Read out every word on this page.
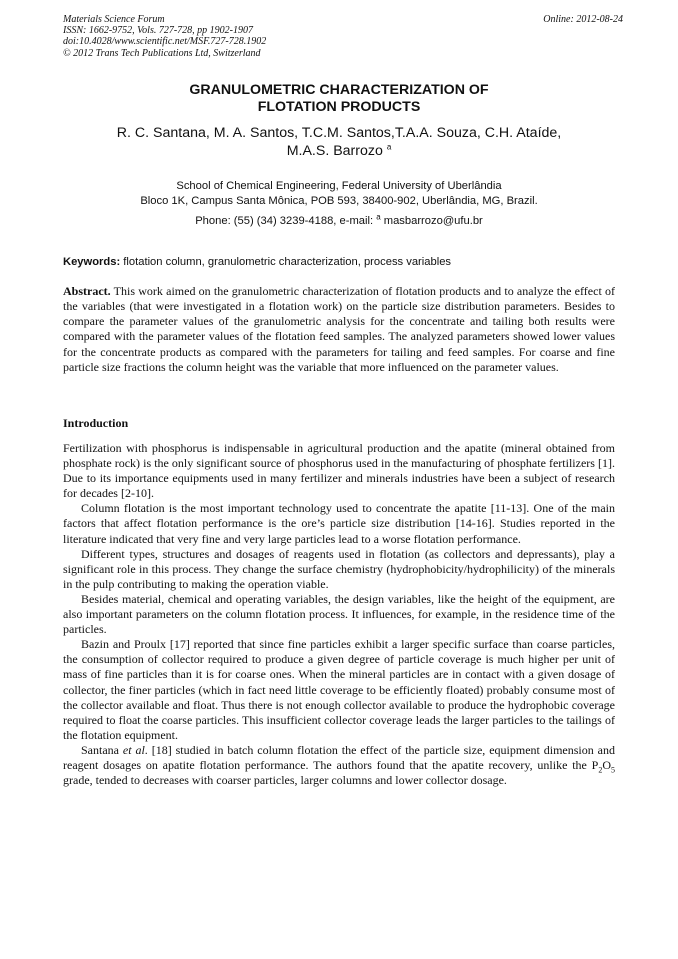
Materials Science Forum
ISSN: 1662-9752, Vols. 727-728, pp 1902-1907
doi:10.4028/www.scientific.net/MSF.727-728.1902
© 2012 Trans Tech Publications Ltd, Switzerland
Online: 2012-08-24
GRANULOMETRIC CHARACTERIZATION OF
FLOTATION PRODUCTS
R. C. Santana, M. A. Santos, T.C.M. Santos,T.A.A. Souza, C.H. Ataíde,
M.A.S. Barrozo $^a$
School of Chemical Engineering, Federal University of Uberlândia
Bloco 1K, Campus Santa Mônica, POB 593, 38400-902, Uberlândia, MG, Brazil.
Phone: (55) (34) 3239-4188, e-mail: $^a$ masbarrozo@ufu.br
Keywords: flotation column, granulometric characterization, process variables
Abstract. This work aimed on the granulometric characterization of flotation products and to analyze the effect of the variables (that were investigated in a flotation work) on the particle size distribution parameters. Besides to compare the parameter values of the granulometric analysis for the concentrate and tailing both results were compared with the parameter values of the flotation feed samples. The analyzed parameters showed lower values for the concentrate products as compared with the parameters for tailing and feed samples. For coarse and fine particle size fractions the column height was the variable that more influenced on the parameter values.
Introduction

Fertilization with phosphorus is indispensable in agricultural production and the apatite (mineral obtained from phosphate rock) is the only significant source of phosphorus used in the manufacturing of phosphate fertilizers [1]. Due to its importance equipments used in many fertilizer and minerals industries have been a subject of research for decades [2-10].

Column flotation is the most important technology used to concentrate the apatite [11-13]. One of the main factors that affect flotation performance is the ore’s particle size distribution [14-16]. Studies reported in the literature indicated that very fine and very large particles lead to a worse flotation performance.

Different types, structures and dosages of reagents used in flotation (as collectors and depressants), play a significant role in this process. They change the surface chemistry (hydrophobicity/hydrophilicity) of the minerals in the pulp contributing to making the operation viable.

Besides material, chemical and operating variables, the design variables, like the height of the equipment, are also important parameters on the column flotation process. It influences, for example, in the residence time of the particles.

Bazin and Proulx [17] reported that since fine particles exhibit a larger specific surface than coarse particles, the consumption of collector required to produce a given degree of particle coverage is much higher per unit of mass of fine particles than it is for coarse ones. When the mineral particles are in contact with a given dosage of collector, the finer particles (which in fact need little coverage to be efficiently floated) probably consume most of the collector available and float. Thus there is not enough collector available to produce the hydrophobic coverage required to float the coarse particles. This insufficient collector coverage leads the larger particles to the tailings of the flotation equipment.

Santana et al. [18] studied in batch column flotation the effect of the particle size, equipment dimension and reagent dosages on apatite flotation performance. The authors found that the apatite recovery, unlike the $P_2O_5$ grade, tended to decreases with coarser particles, larger columns and lower collector dosage.
